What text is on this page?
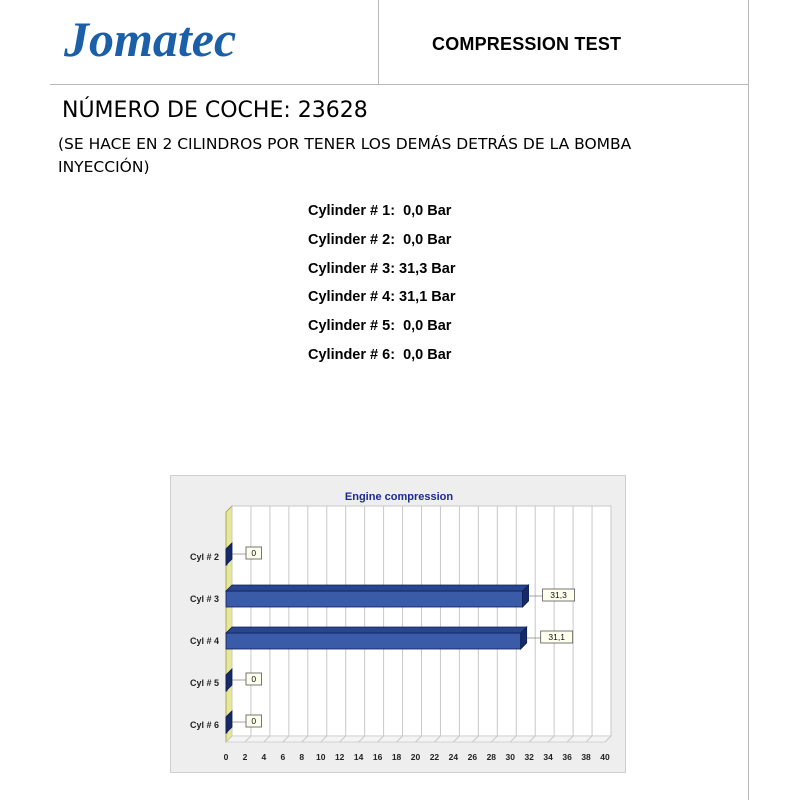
Jomatec	COMPRESSION TEST
NÚMERO DE COCHE: 23628
(SE HACE EN 2 CILINDROS POR TENER LOS DEMÁS DETRÁS DE LA BOMBA INYECCIÓN)
Cylinder # 1:  0,0 Bar
Cylinder # 2:  0,0 Bar
Cylinder # 3: 31,3 Bar
Cylinder # 4: 31,1 Bar
Cylinder # 5:  0,0 Bar
Cylinder # 6:  0,0 Bar
Engine compression
0 2 4 6 8 10 12 14 16 18 20 22 24 26 28 30 32 34 36 38 40
Cyl # 2	0
Cyl # 3	31,3
Cyl # 4	31,1
Cyl # 5	0
Cyl # 6	0
